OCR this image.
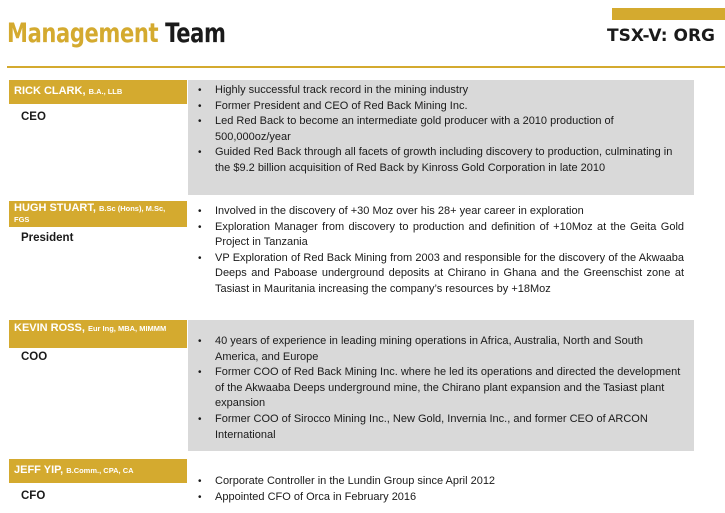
Management Team	TSX-V: ORG
RICK CLARK, B.A., LLB
CEO
• Highly successful track record in the mining industry
• Former President and CEO of Red Back Mining Inc.
• Led Red Back to become an intermediate gold producer with a 2010 production of 500,000oz/year
• Guided Red Back through all facets of growth including discovery to production, culminating in the $9.2 billion acquisition of Red Back by Kinross Gold Corporation in late 2010
HUGH STUART, B.Sc (Hons), M.Sc, FGS
President
• Involved in the discovery of +30 Moz over his 28+ year career in exploration
• Exploration Manager from discovery to production and definition of +10Moz at the Geita Gold Project in Tanzania
• VP Exploration of Red Back Mining from 2003 and responsible for the discovery of the Akwaaba Deeps and Paboase underground deposits at Chirano in Ghana and the Greenschist zone at Tasiast in Mauritania increasing the company’s resources by +18Moz
KEVIN ROSS, Eur Ing, MBA, MIMMM
COO
• 40 years of experience in leading mining operations in Africa, Australia, North and South America, and Europe
• Former COO of Red Back Mining Inc. where he led its operations and directed the development of the Akwaaba Deeps underground mine, the Chirano plant expansion and the Tasiast plant expansion
• Former COO of Sirocco Mining Inc., New Gold, Invernia Inc., and former CEO of ARCON International
JEFF YIP, B.Comm., CPA, CA
CFO
• Corporate Controller in the Lundin Group since April 2012
• Appointed CFO of Orca in February 2016
